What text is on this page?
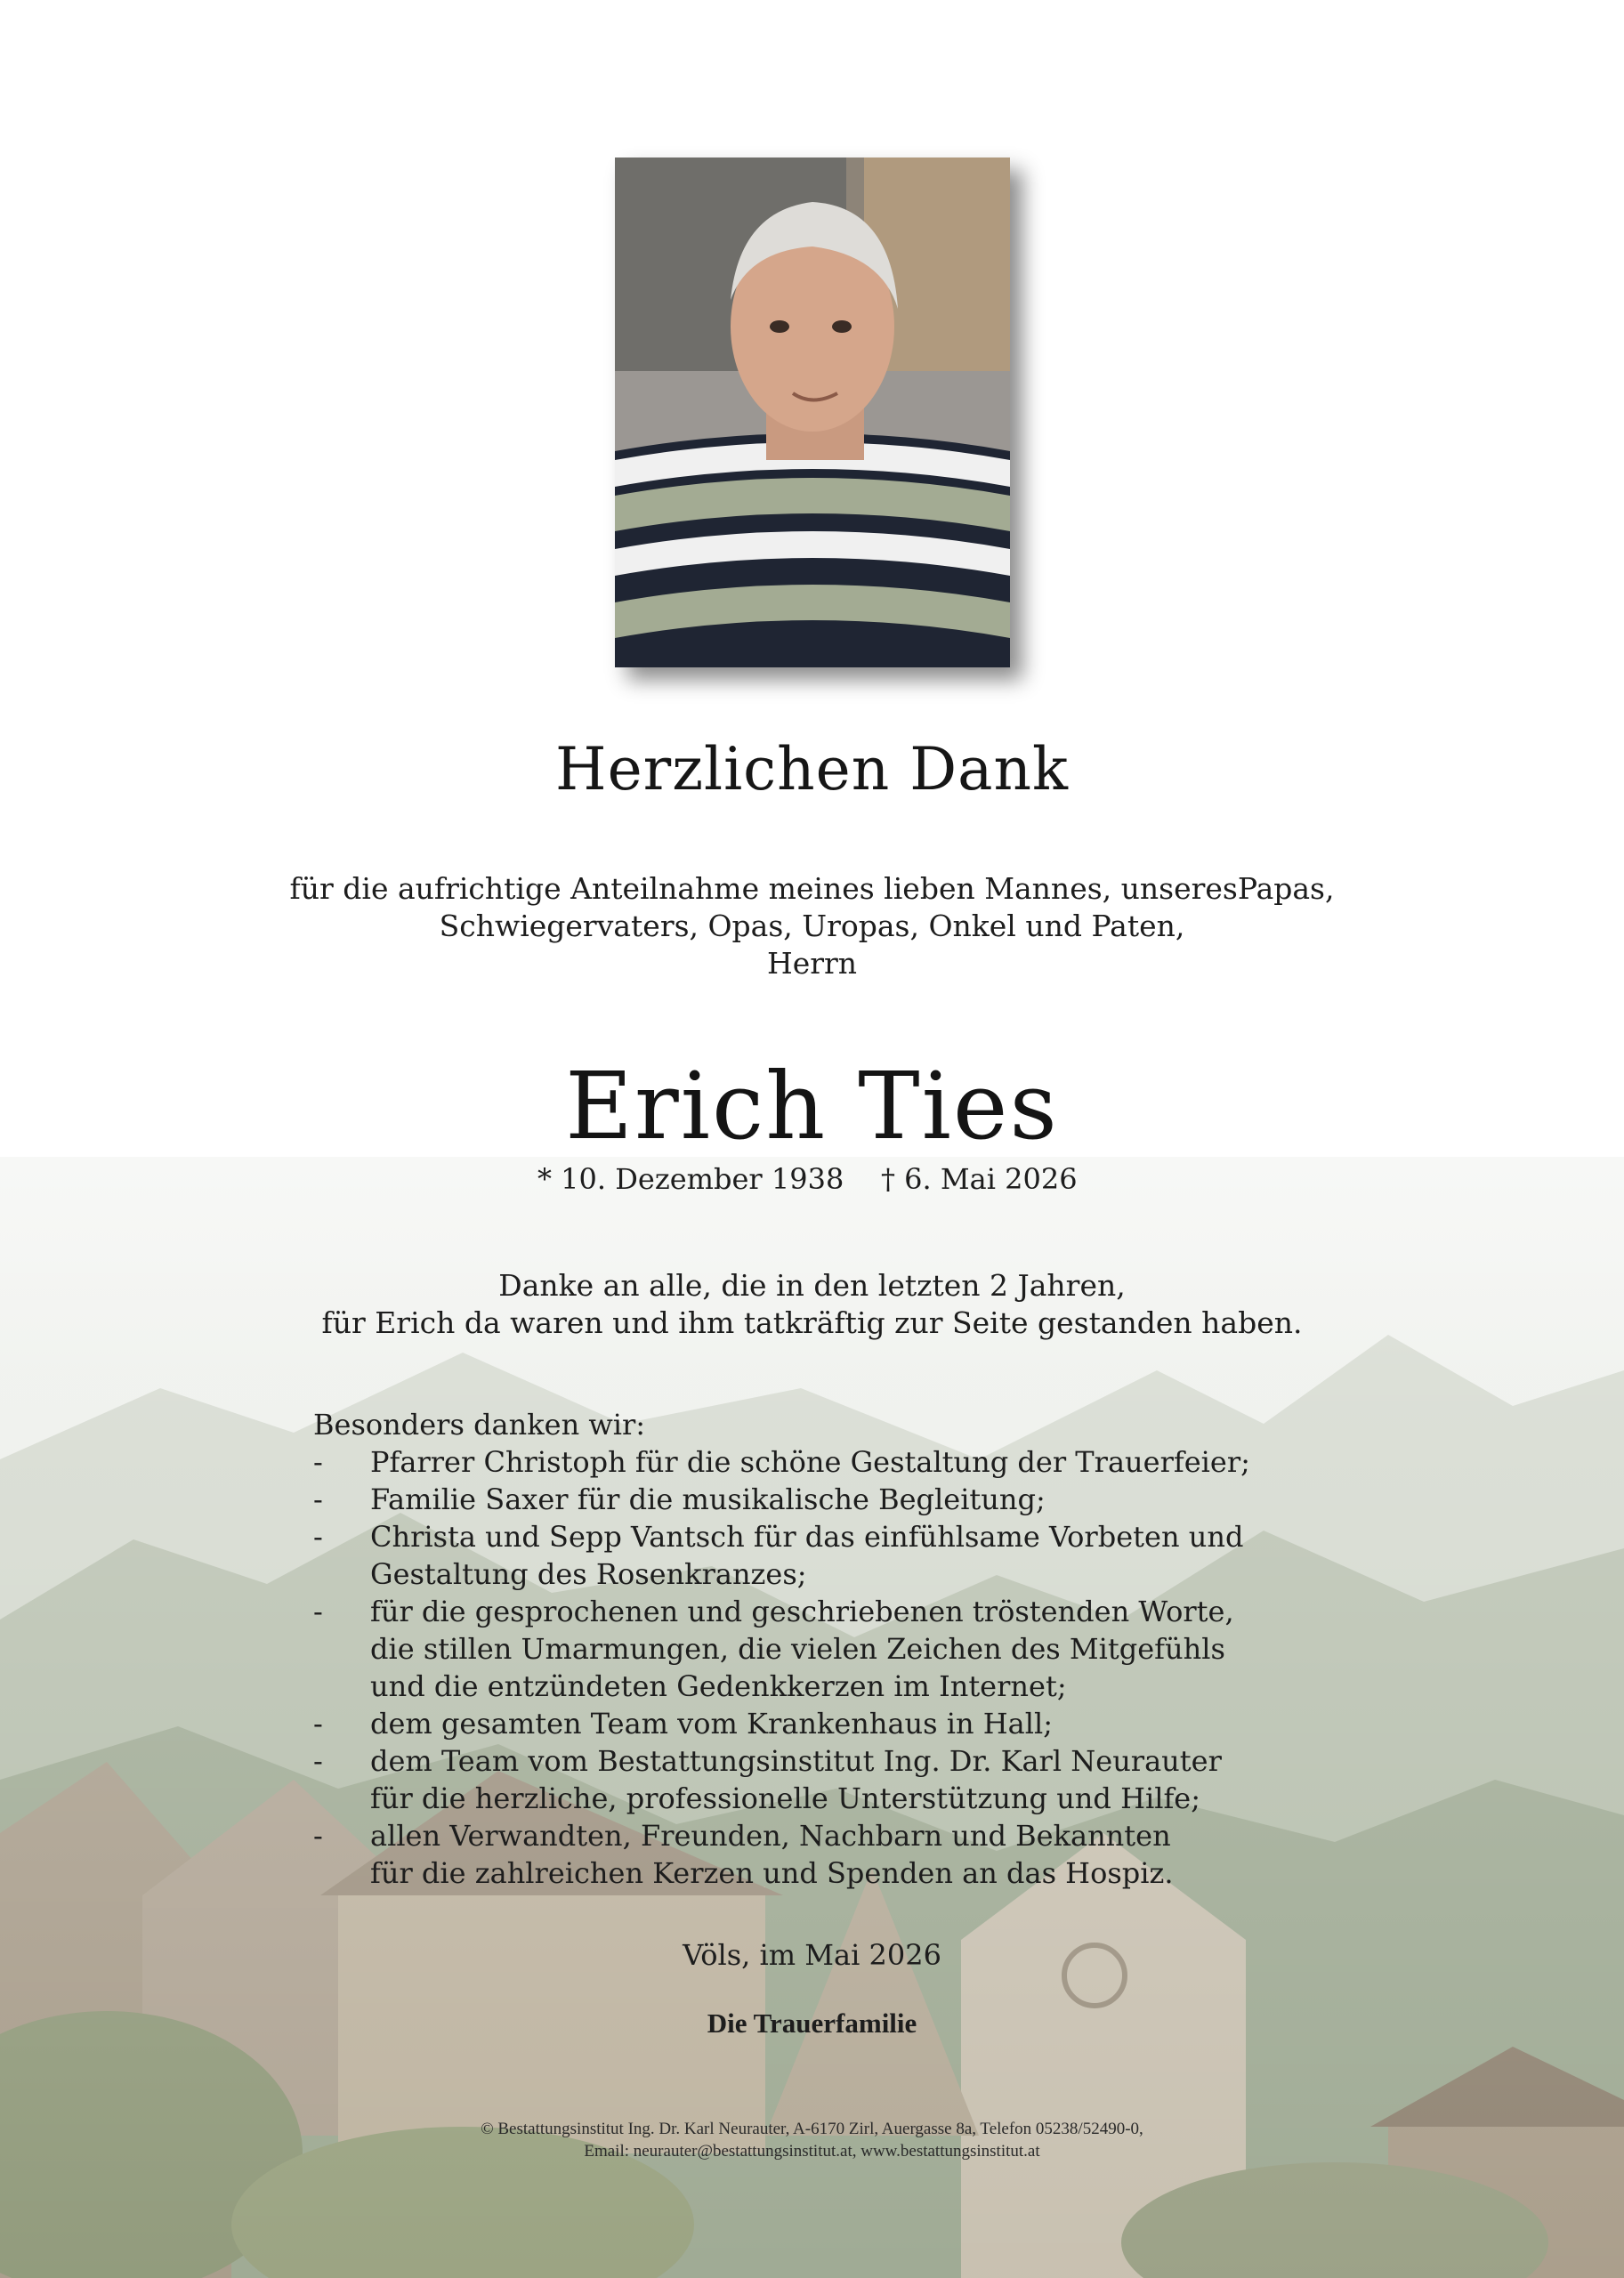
Herzlichen Dank
für die aufrichtige Anteilnahme meines lieben Mannes, unseresPapas,
Schwiegervaters, Opas, Uropas, Onkel und Paten,
Herrn
Erich Ties
* 10. Dezember 1938 † 6. Mai 2026
Danke an alle, die in den letzten 2 Jahren,
für Erich da waren und ihm tatkräftig zur Seite gestanden haben.
Besonders danken wir:
-	Pfarrer Christoph für die schöne Gestaltung der Trauerfeier;
-	Familie Saxer für die musikalische Begleitung;
-	Christa und Sepp Vantsch für das einfühlsame Vorbeten und
Gestaltung des Rosenkranzes;
-	für die gesprochenen und geschriebenen tröstenden Worte,
die stillen Umarmungen, die vielen Zeichen des Mitgefühls
und die entzündeten Gedenkkerzen im Internet;
-	dem gesamten Team vom Krankenhaus in Hall;
-	dem Team vom Bestattungsinstitut Ing. Dr. Karl Neurauter
für die herzliche, professionelle Unterstützung und Hilfe;
-	allen Verwandten, Freunden, Nachbarn und Bekannten
für die zahlreichen Kerzen und Spenden an das Hospiz.
Völs, im Mai 2026
Die Trauerfamilie
© Bestattungsinstitut Ing. Dr. Karl Neurauter, A-6170 Zirl, Auergasse 8a, Telefon 05238/52490-0,
Email: neurauter@bestattungsinstitut.at, www.bestattungsinstitut.at
